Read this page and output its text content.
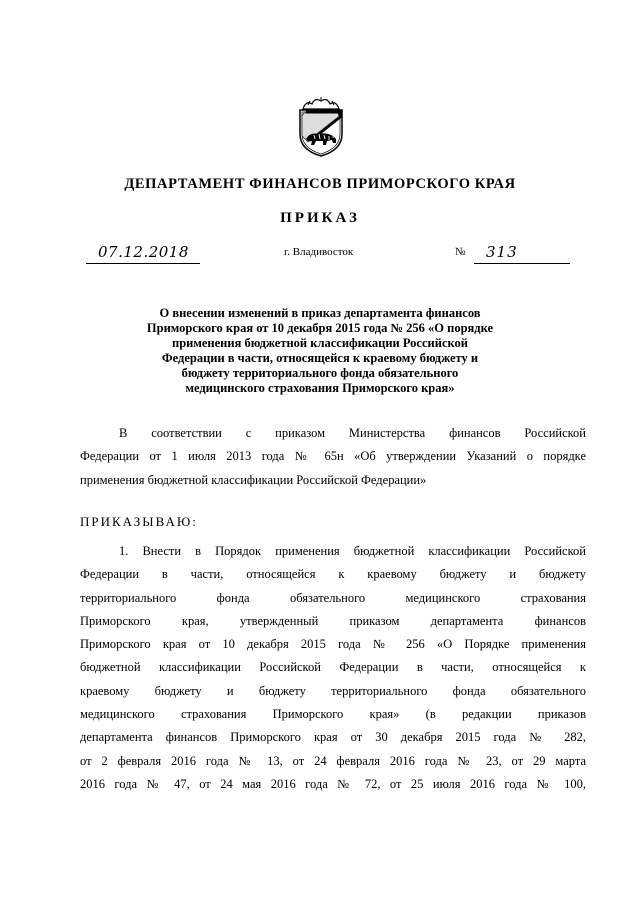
ДЕПАРТАМЕНТ ФИНАНСОВ ПРИМОРСКОГО КРАЯ
ПРИКАЗ
07.12.2018	г. Владивосток	№ 313
О внесении изменений в приказ департамента финансов
Приморского края от 10 декабря 2015 года № 256 «О порядке
применения бюджетной классификации Российской
Федерации в части, относящейся к краевому бюджету и
бюджету территориального фонда обязательного
медицинского страхования Приморского края»
В соответствии с приказом Министерства финансов Российской
Федерации от 1 июля 2013 года № 65н «Об утверждении Указаний о порядке
применения бюджетной классификации Российской Федерации»
ПРИКАЗЫВАЮ:
1. Внести в Порядок применения бюджетной классификации Российской
Федерации в части, относящейся к краевому бюджету и бюджету
территориального фонда обязательного медицинского страхования
Приморского края, утвержденный приказом департамента финансов
Приморского края от 10 декабря 2015 года № 256 «О Порядке применения
бюджетной классификации Российской Федерации в части, относящейся к
краевому бюджету и бюджету территориального фонда обязательного
медицинского страхования Приморского края» (в редакции приказов
департамента финансов Приморского края от 30 декабря 2015 года № 282,
от 2 февраля 2016 года № 13, от 24 февраля 2016 года № 23, от 29 марта
2016 года № 47, от 24 мая 2016 года № 72, от 25 июля 2016 года № 100,
